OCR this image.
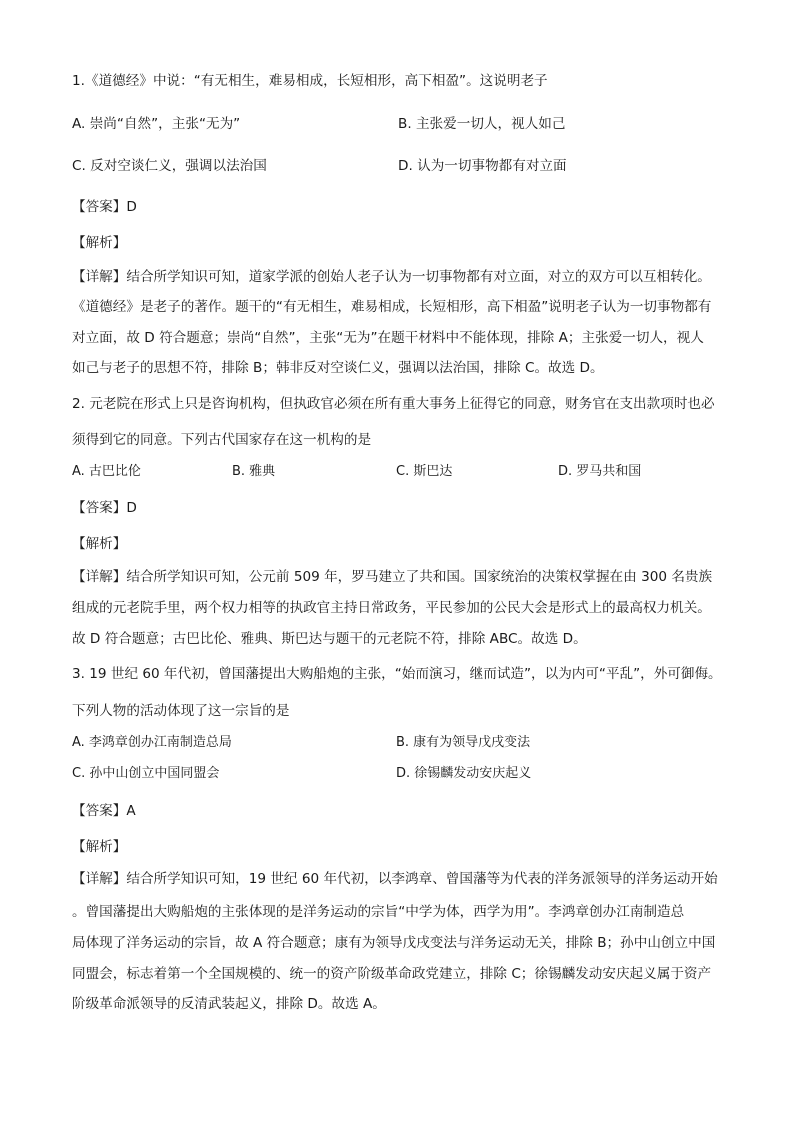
1.《道德经》中说：“有无相生，难易相成，长短相形，高下相盈”。这说明老子
A. 崇尚“自然”，主张“无为”	B. 主张爱一切人，视人如己
C. 反对空谈仁义，强调以法治国	D. 认为一切事物都有对立面
【答案】D
【解析】
【详解】结合所学知识可知，道家学派的创始人老子认为一切事物都有对立面，对立的双方可以互相转化。
《道德经》是老子的著作。题干的“有无相生，难易相成，长短相形，高下相盈”说明老子认为一切事物都有
对立面，故 D 符合题意；崇尚“自然”，主张“无为”在题干材料中不能体现，排除 A；主张爱一切人，视人
如己与老子的思想不符，排除 B；韩非反对空谈仁义，强调以法治国，排除 C。故选 D。
2. 元老院在形式上只是咨询机构，但执政官必须在所有重大事务上征得它的同意，财务官在支出款项时也必
须得到它的同意。下列古代国家存在这一机构的是
A. 古巴比伦	B. 雅典	C. 斯巴达	D. 罗马共和国
【答案】D
【解析】
【详解】结合所学知识可知，公元前 509 年，罗马建立了共和国。国家统治的决策权掌握在由 300 名贵族
组成的元老院手里，两个权力相等的执政官主持日常政务，平民参加的公民大会是形式上的最高权力机关。
故 D 符合题意；古巴比伦、雅典、斯巴达与题干的元老院不符，排除 ABC。故选 D。
3. 19 世纪 60 年代初，曾国藩提出大购船炮的主张，“始而演习，继而试造”，以为内可“平乱”，外可御侮。
下列人物的活动体现了这一宗旨的是
A. 李鸿章创办江南制造总局	B. 康有为领导戊戌变法
C. 孙中山创立中国同盟会	D. 徐锡麟发动安庆起义
【答案】A
【解析】
【详解】结合所学知识可知，19 世纪 60 年代初，以李鸿章、曾国藩等为代表的洋务派领导的洋务运动开始
。曾国藩提出大购船炮的主张体现的是洋务运动的宗旨“中学为体，西学为用”。李鸿章创办江南制造总
局体现了洋务运动的宗旨，故 A 符合题意；康有为领导戊戌变法与洋务运动无关，排除 B；孙中山创立中国
同盟会，标志着第一个全国规模的、统一的资产阶级革命政党建立，排除 C；徐锡麟发动安庆起义属于资产
阶级革命派领导的反清武装起义，排除 D。故选 A。
